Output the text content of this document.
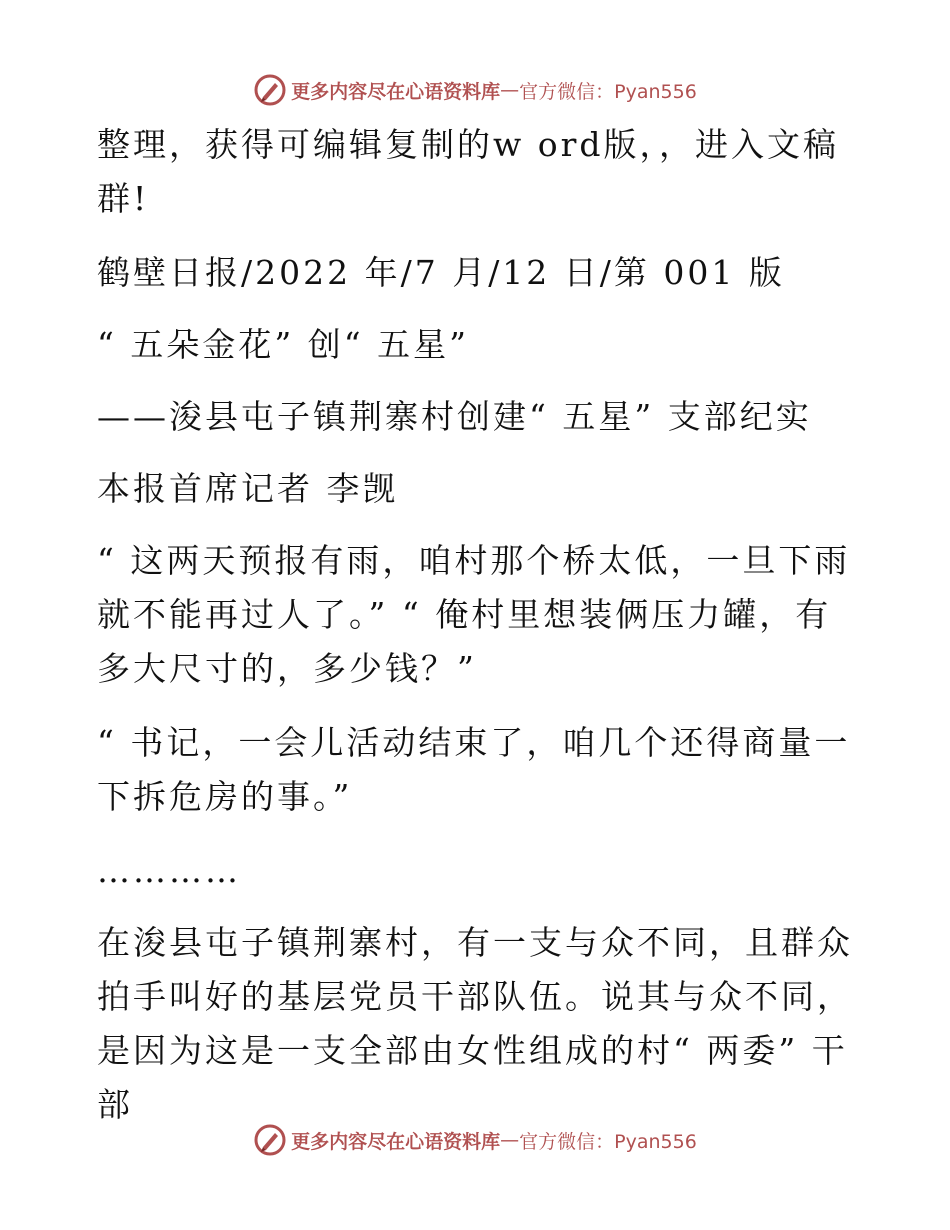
更多内容尽在心语资料库 — 官方微信：Pyan556
整理，获得可编辑复制的w ord版，，进入文稿群!
鹤壁日报/2022 年/7 月/12 日/第 001 版
“ 五朵金花” 创“ 五星”
——浚县屯子镇荆寨村创建“ 五星” 支部纪实
本报首席记者 李觊
“ 这两天预报有雨，咱村那个桥太低，一旦下雨就不能再过人了。” “ 俺村里想装俩压力罐，有多大尺寸的，多少钱？”
“ 书记，一会儿活动结束了，咱几个还得商量一下拆危房的事。”
…………
在浚县屯子镇荆寨村，有一支与众不同，且群众拍手叫好的基层党员干部队伍。说其与众不同，是因为这是一支全部由女性组成的村“ 两委” 干部
更多内容尽在心语资料库 — 官方微信：Pyan556
